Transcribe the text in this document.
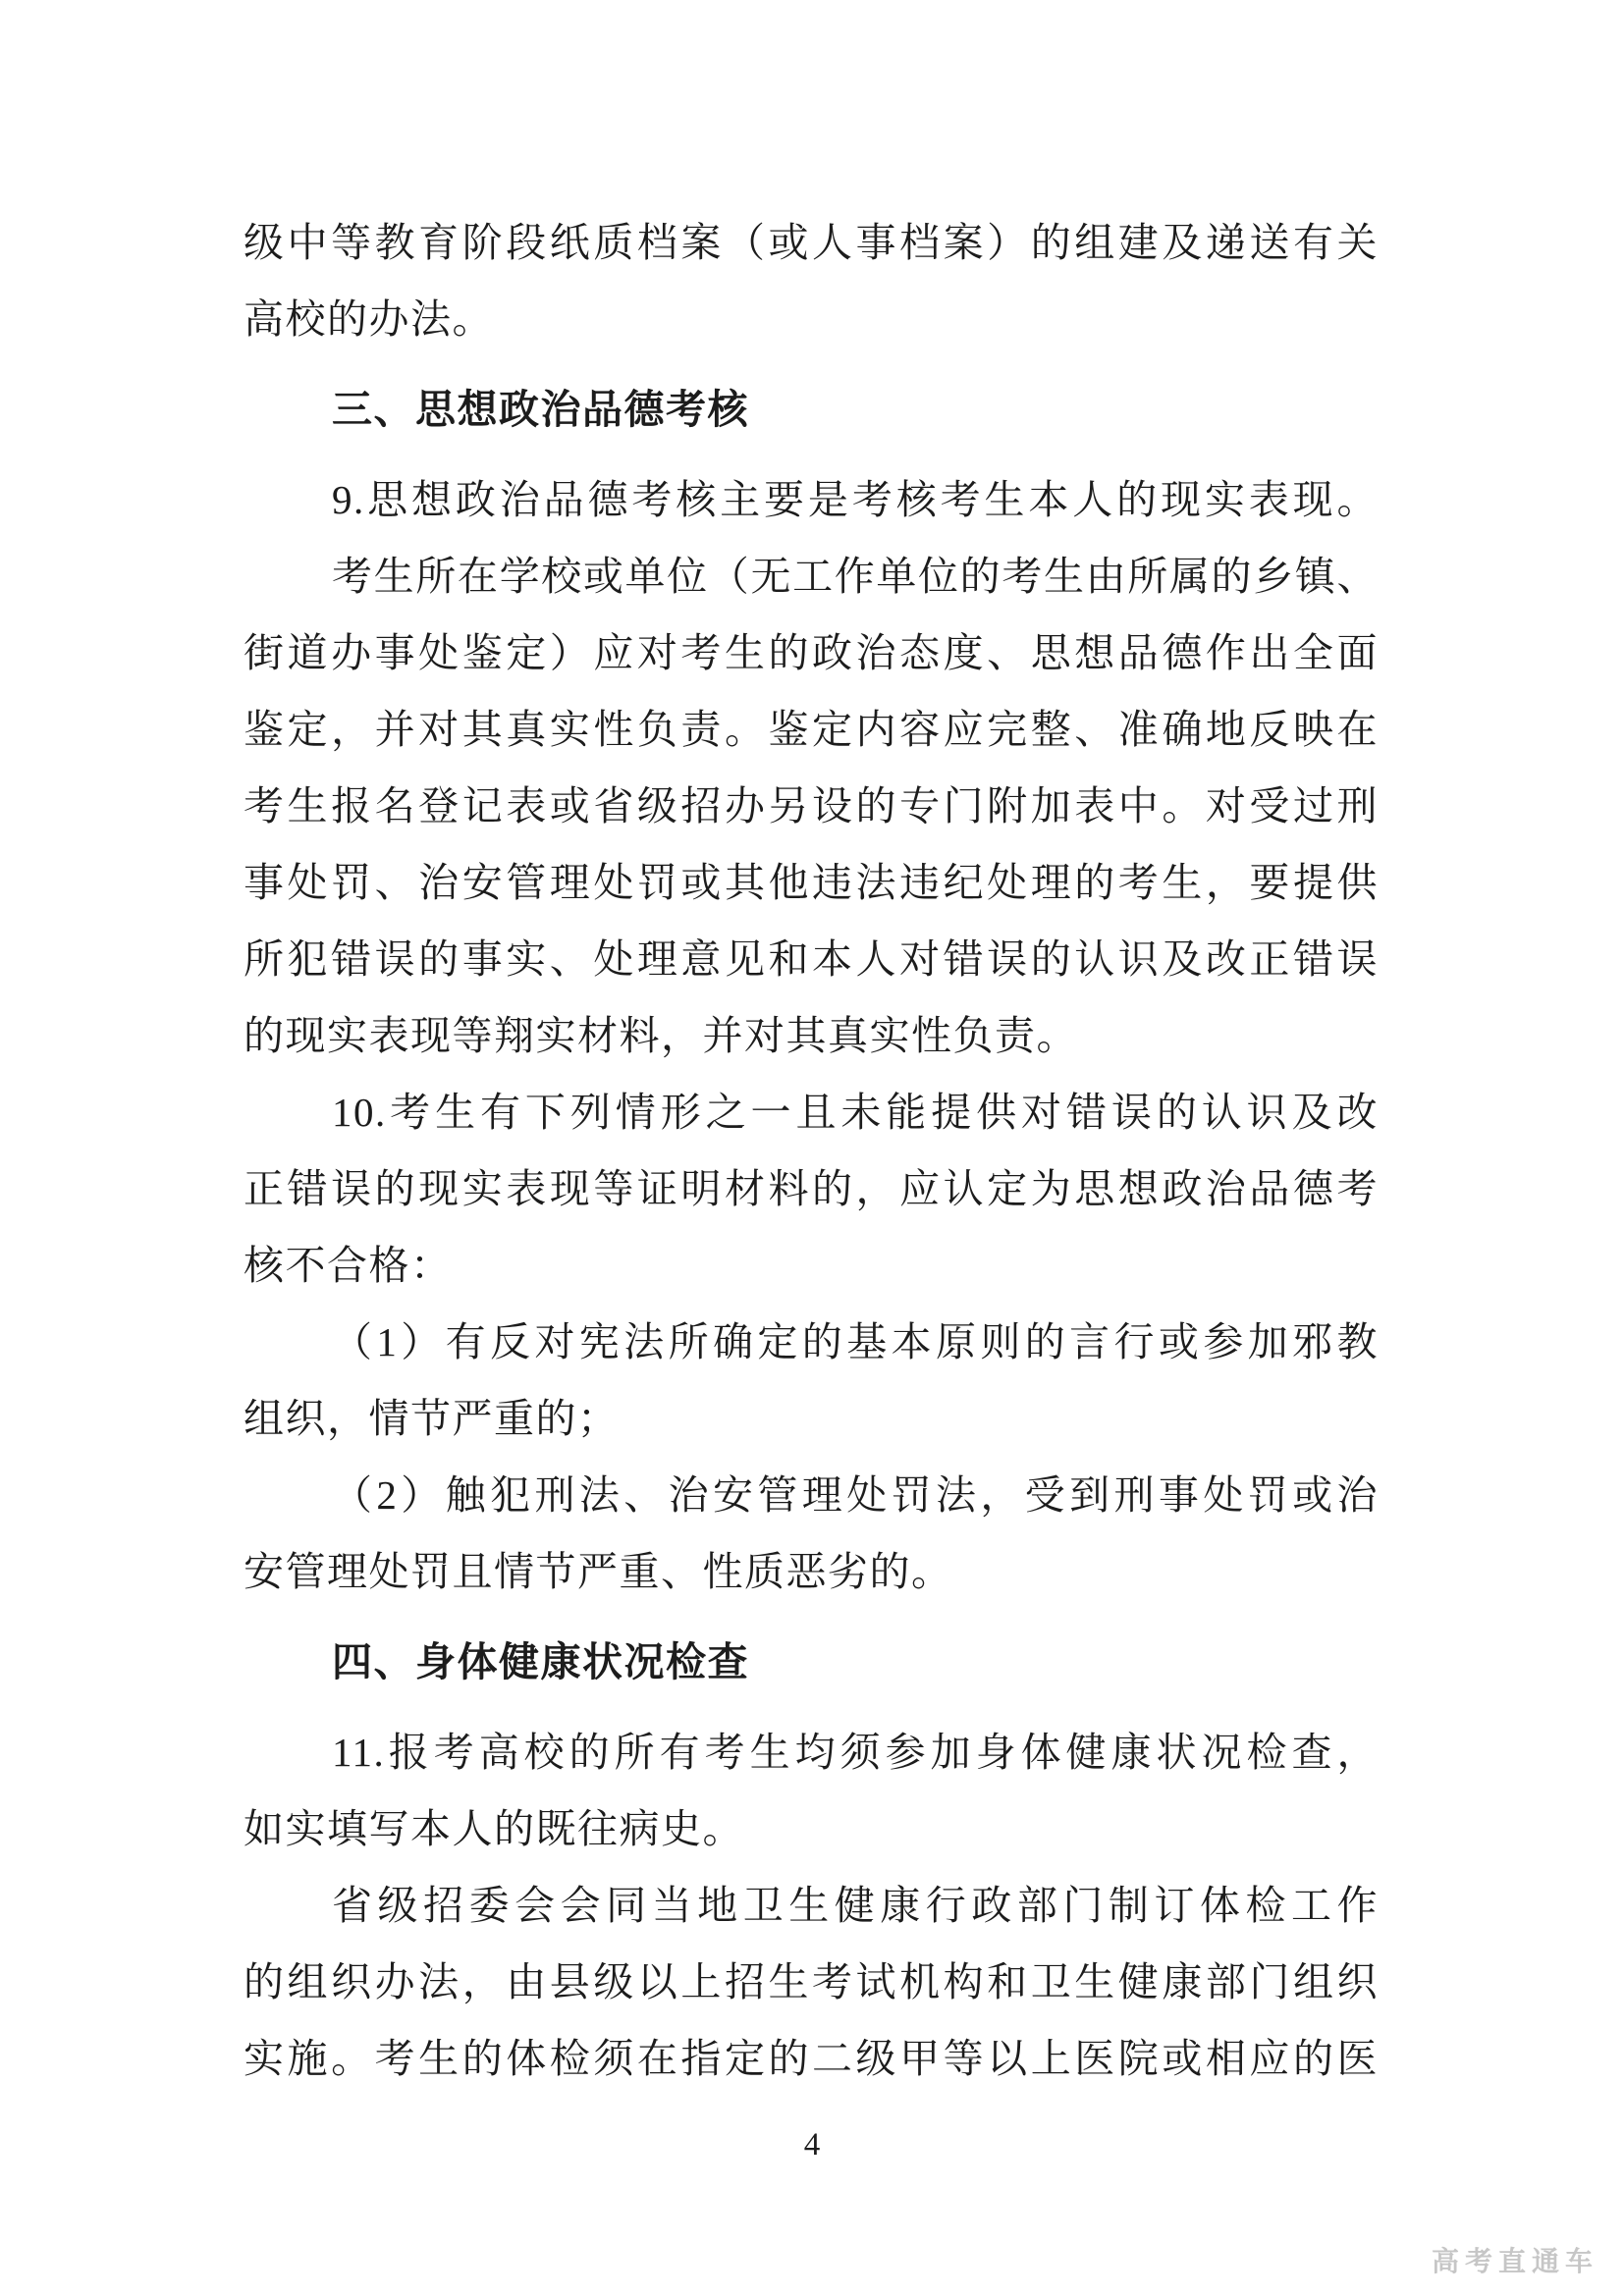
级中等教育阶段纸质档案（或人事档案）的组建及递送有关
高校的办法。
三、思想政治品德考核
9.思想政治品德考核主要是考核考生本人的现实表现。
考生所在学校或单位（无工作单位的考生由所属的乡镇、
街道办事处鉴定）应对考生的政治态度、思想品德作出全面
鉴定，并对其真实性负责。鉴定内容应完整、准确地反映在
考生报名登记表或省级招办另设的专门附加表中。对受过刑
事处罚、治安管理处罚或其他违法违纪处理的考生，要提供
所犯错误的事实、处理意见和本人对错误的认识及改正错误
的现实表现等翔实材料，并对其真实性负责。
10.考生有下列情形之一且未能提供对错误的认识及改
正错误的现实表现等证明材料的，应认定为思想政治品德考
核不合格：
（1）有反对宪法所确定的基本原则的言行或参加邪教
组织，情节严重的；
（2）触犯刑法、治安管理处罚法，受到刑事处罚或治
安管理处罚且情节严重、性质恶劣的。
四、身体健康状况检查
11.报考高校的所有考生均须参加身体健康状况检查，
如实填写本人的既往病史。
省级招委会会同当地卫生健康行政部门制订体检工作
的组织办法，由县级以上招生考试机构和卫生健康部门组织
实施。考生的体检须在指定的二级甲等以上医院或相应的医
4
高考直通车
